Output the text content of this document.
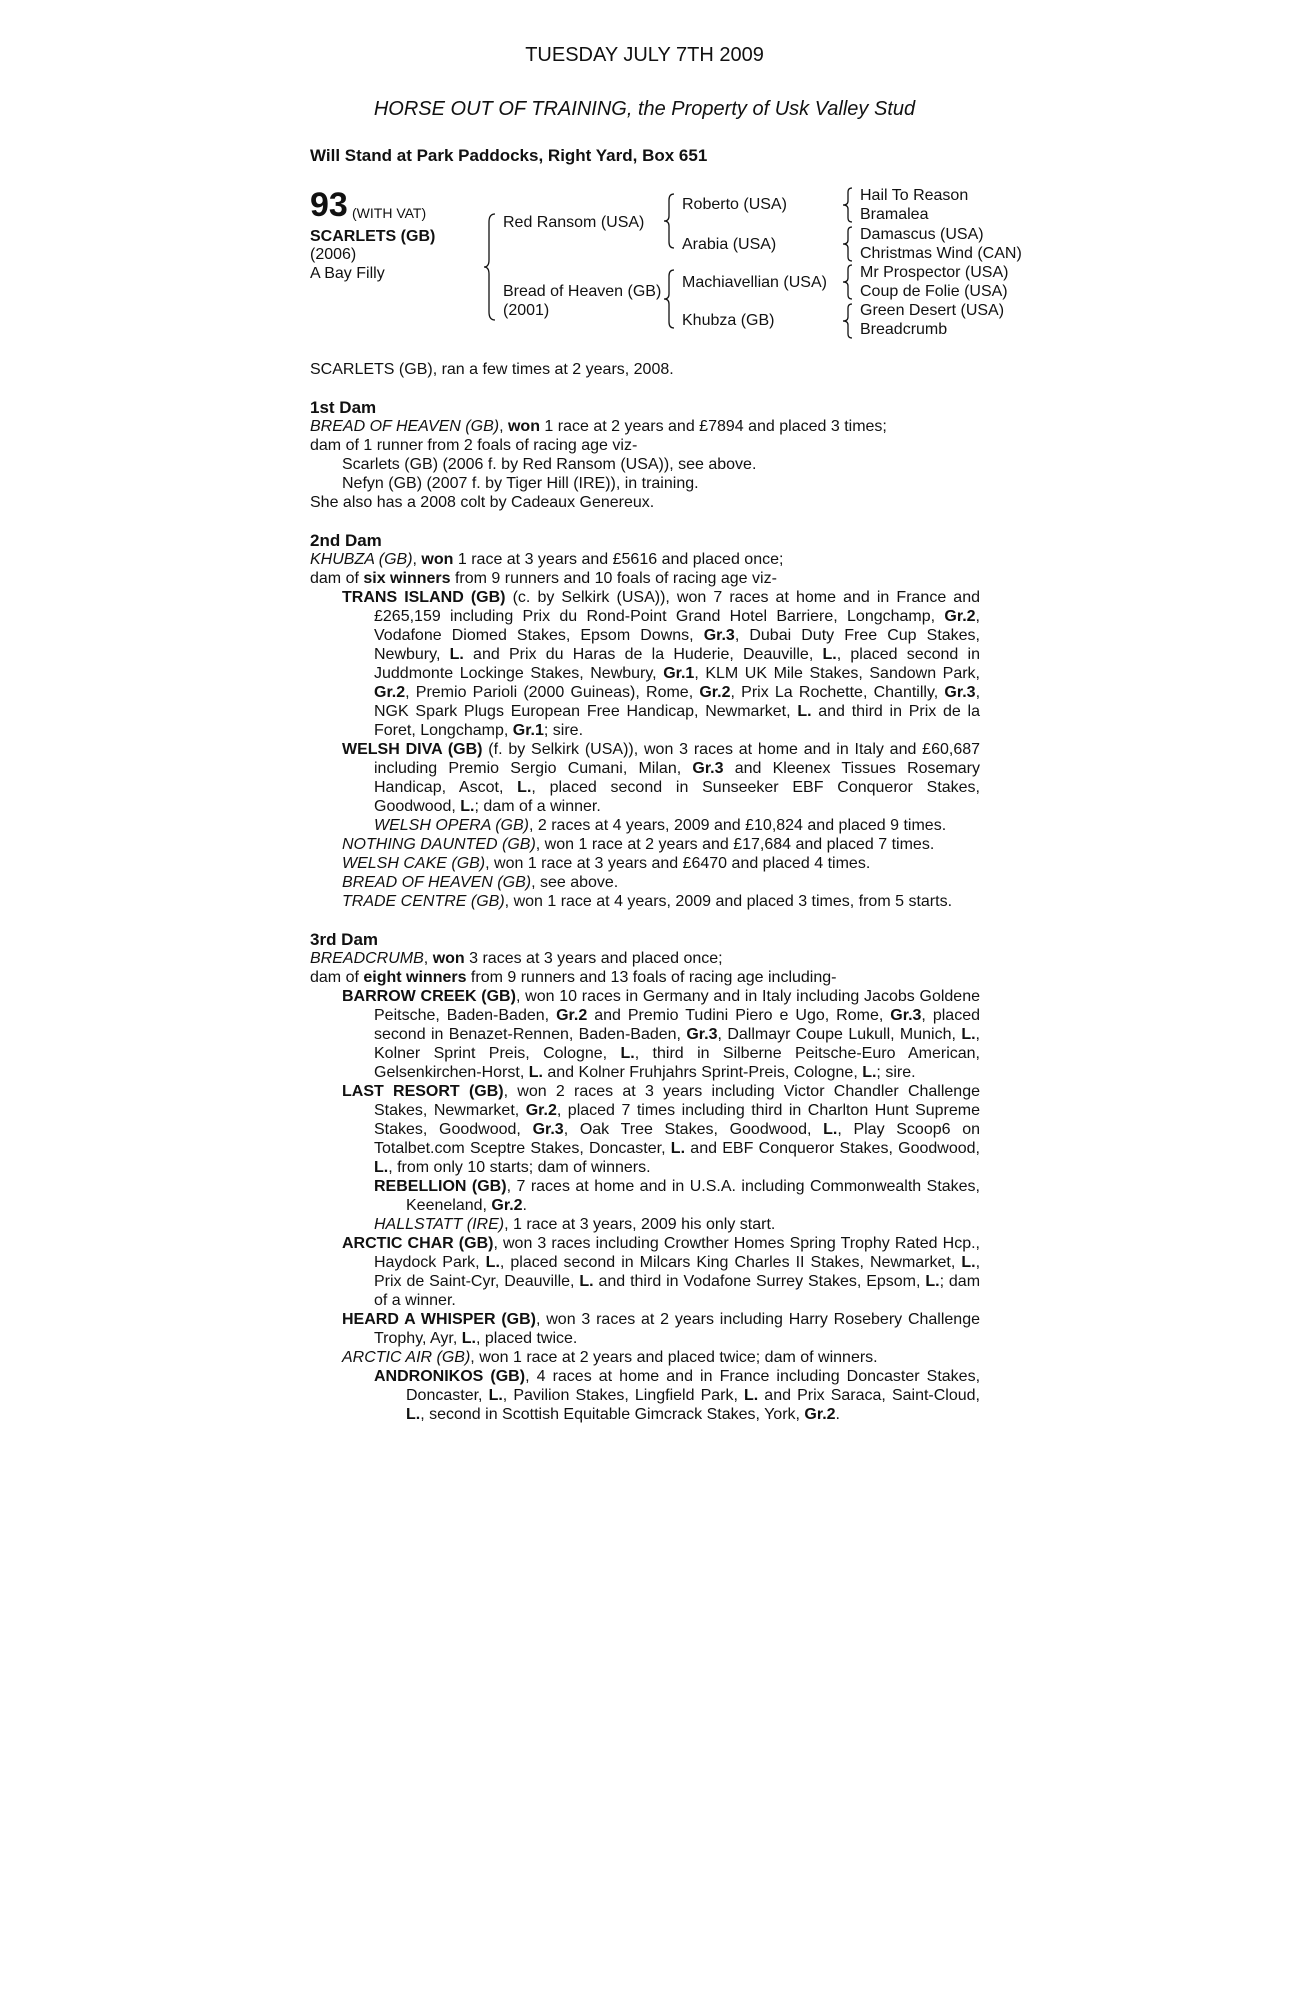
TUESDAY JULY 7TH 2009
HORSE OUT OF TRAINING, the Property of Usk Valley Stud
Will Stand at Park Paddocks, Right Yard, Box 651
93 (WITH VAT)
SCARLETS (GB)
(2006)
A Bay Filly
Red Ransom (USA)
Bread of Heaven (GB)
(2001)
Roberto (USA)
Arabia (USA)
Machiavellian (USA)
Khubza (GB)
Hail To Reason
Bramalea
Damascus (USA)
Christmas Wind (CAN)
Mr Prospector (USA)
Coup de Folie (USA)
Green Desert (USA)
Breadcrumb
SCARLETS (GB), ran a few times at 2 years, 2008.

1st Dam

BREAD OF HEAVEN (GB), won 1 race at 2 years and £7894 and placed 3 times;

dam of 1 runner from 2 foals of racing age viz-

Scarlets (GB) (2006 f. by Red Ransom (USA)), see above.

Nefyn (GB) (2007 f. by Tiger Hill (IRE)), in training.

She also has a 2008 colt by Cadeaux Genereux.

2nd Dam

KHUBZA (GB), won 1 race at 3 years and £5616 and placed once;

dam of six winners from 9 runners and 10 foals of racing age viz-

TRANS ISLAND (GB) (c. by Selkirk (USA)), won 7 races at home and in France and £265,159 including Prix du Rond-Point Grand Hotel Barriere, Longchamp, Gr.2, Vodafone Diomed Stakes, Epsom Downs, Gr.3, Dubai Duty Free Cup Stakes, Newbury, L. and Prix du Haras de la Huderie, Deauville, L., placed second in Juddmonte Lockinge Stakes, Newbury, Gr.1, KLM UK Mile Stakes, Sandown Park, Gr.2, Premio Parioli (2000 Guineas), Rome, Gr.2, Prix La Rochette, Chantilly, Gr.3, NGK Spark Plugs European Free Handicap, Newmarket, L. and third in Prix de la Foret, Longchamp, Gr.1; sire.

WELSH DIVA (GB) (f. by Selkirk (USA)), won 3 races at home and in Italy and £60,687 including Premio Sergio Cumani, Milan, Gr.3 and Kleenex Tissues Rosemary Handicap, Ascot, L., placed second in Sunseeker EBF Conqueror Stakes, Goodwood, L.; dam of a winner.

WELSH OPERA (GB), 2 races at 4 years, 2009 and £10,824 and placed 9 times.

NOTHING DAUNTED (GB), won 1 race at 2 years and £17,684 and placed 7 times.

WELSH CAKE (GB), won 1 race at 3 years and £6470 and placed 4 times.

BREAD OF HEAVEN (GB), see above.

TRADE CENTRE (GB), won 1 race at 4 years, 2009 and placed 3 times, from 5 starts.

3rd Dam

BREADCRUMB, won 3 races at 3 years and placed once;

dam of eight winners from 9 runners and 13 foals of racing age including-

BARROW CREEK (GB), won 10 races in Germany and in Italy including Jacobs Goldene Peitsche, Baden-Baden, Gr.2 and Premio Tudini Piero e Ugo, Rome, Gr.3, placed second in Benazet-Rennen, Baden-Baden, Gr.3, Dallmayr Coupe Lukull, Munich, L., Kolner Sprint Preis, Cologne, L., third in Silberne Peitsche-Euro American, Gelsenkirchen-Horst, L. and Kolner Fruhjahrs Sprint-Preis, Cologne, L.; sire.

LAST RESORT (GB), won 2 races at 3 years including Victor Chandler Challenge Stakes, Newmarket, Gr.2, placed 7 times including third in Charlton Hunt Supreme Stakes, Goodwood, Gr.3, Oak Tree Stakes, Goodwood, L., Play Scoop6 on Totalbet.com Sceptre Stakes, Doncaster, L. and EBF Conqueror Stakes, Goodwood, L., from only 10 starts; dam of winners.

REBELLION (GB), 7 races at home and in U.S.A. including Commonwealth Stakes, Keeneland, Gr.2.

HALLSTATT (IRE), 1 race at 3 years, 2009 his only start.

ARCTIC CHAR (GB), won 3 races including Crowther Homes Spring Trophy Rated Hcp., Haydock Park, L., placed second in Milcars King Charles II Stakes, Newmarket, L., Prix de Saint-Cyr, Deauville, L. and third in Vodafone Surrey Stakes, Epsom, L.; dam of a winner.

HEARD A WHISPER (GB), won 3 races at 2 years including Harry Rosebery Challenge Trophy, Ayr, L., placed twice.

ARCTIC AIR (GB), won 1 race at 2 years and placed twice; dam of winners.

ANDRONIKOS (GB), 4 races at home and in France including Doncaster Stakes, Doncaster, L., Pavilion Stakes, Lingfield Park, L. and Prix Saraca, Saint-Cloud, L., second in Scottish Equitable Gimcrack Stakes, York, Gr.2.
